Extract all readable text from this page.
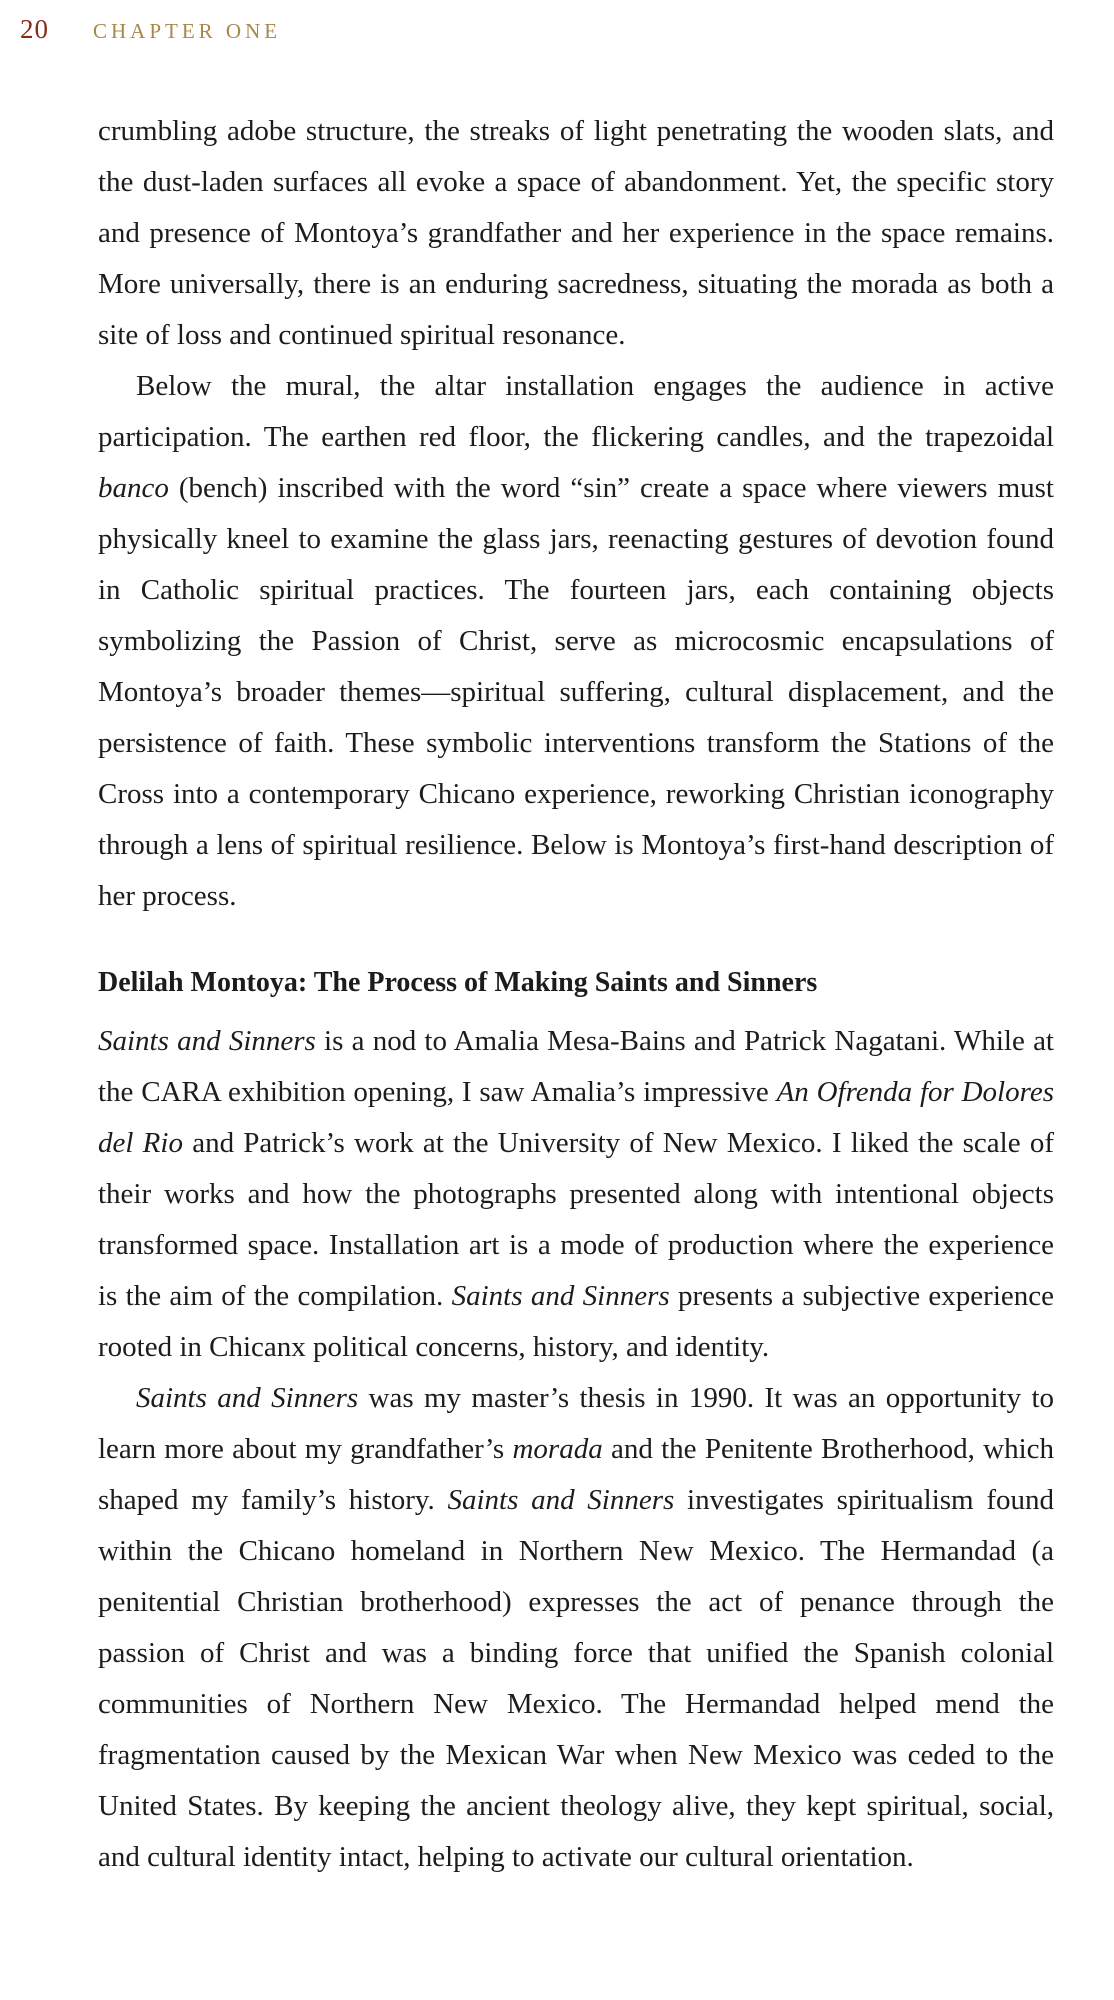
20 CHAPTER ONE

crumbling adobe structure, the streaks of light penetrating the wooden slats, and the dust-laden surfaces all evoke a space of abandonment. Yet, the specific story and presence of Montoya’s grandfather and her experience in the space remains. More universally, there is an enduring sacredness, situating the morada as both a site of loss and continued spiritual resonance.

Below the mural, the altar installation engages the audience in active participation. The earthen red floor, the flickering candles, and the trapezoidal banco (bench) inscribed with the word “sin” create a space where viewers must physically kneel to examine the glass jars, reenacting gestures of devotion found in Catholic spiritual practices. The fourteen jars, each containing objects symbolizing the Passion of Christ, serve as microcosmic encapsulations of Montoya’s broader themes—spiritual suffering, cultural displacement, and the persistence of faith. These symbolic interventions transform the Stations of the Cross into a contemporary Chicano experience, reworking Christian iconography through a lens of spiritual resilience. Below is Montoya’s first-hand description of her process.

Delilah Montoya: The Process of Making Saints and Sinners

Saints and Sinners is a nod to Amalia Mesa-Bains and Patrick Nagatani. While at the CARA exhibition opening, I saw Amalia’s impressive An Ofrenda for Dolores del Rio and Patrick’s work at the University of New Mexico. I liked the scale of their works and how the photographs presented along with intentional objects transformed space. Installation art is a mode of production where the experience is the aim of the compilation. Saints and Sinners presents a subjective experience rooted in Chicanx political concerns, history, and identity.

Saints and Sinners was my master’s thesis in 1990. It was an opportunity to learn more about my grandfather’s morada and the Penitente Brotherhood, which shaped my family’s history. Saints and Sinners investigates spiritualism found within the Chicano homeland in Northern New Mexico. The Hermandad (a penitential Christian brotherhood) expresses the act of penance through the passion of Christ and was a binding force that unified the Spanish colonial communities of Northern New Mexico. The Hermandad helped mend the fragmentation caused by the Mexican War when New Mexico was ceded to the United States. By keeping the ancient theology alive, they kept spiritual, social, and cultural identity intact, helping to activate our cultural orientation.
